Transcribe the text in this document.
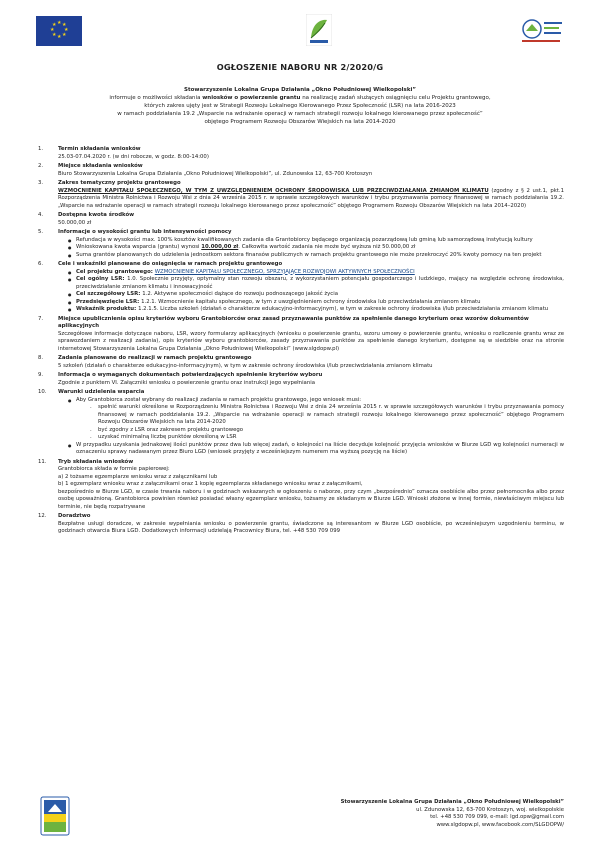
★ ★
★
★
★
★
★
★
OGŁOSZENIE NABORU NR 2/2020/G
Stowarzyszenie Lokalna Grupa Działania „Okno Południowej Wielkopolski”
informuje o możliwości składania wniosków o powierzenie grantu na realizację zadań służących osiągnięciu celu Projektu grantowego,
których zakres ujęty jest w Strategii Rozwoju Lokalnego Kierowanego Przez Społeczność (LSR) na lata 2016-2023
w ramach poddziałania 19.2 „Wsparcie na wdrażanie operacji w ramach strategii rozwoju lokalnego kierowanego przez społeczność”
objętego Programem Rozwoju Obszarów Wiejskich na lata 2014-2020
1.	Termin składania wniosków
25.03-07.04.2020 r. (w dni robocze, w godz. 8:00-14:00)
2.	Miejsce składania wniosków
Biuro Stowarzyszenia Lokalna Grupa Działania „Okno Południowej Wielkopolski”, ul. Zdunowska 12, 63-700 Krotoszyn
3.	Zakres tematyczny projektu grantowego
WZMOCNIENIE KAPITAŁU SPOŁECZNEGO, W TYM Z UWZGLĘDNIENIEM OCHRONY ŚRODOWISKA LUB PRZECIWDZIAŁANIA ZMIANOM KLIMATU (zgodny z § 2 ust.1, pkt.1 Rozporządzenia Ministra Rolnictwa i Rozwoju Wsi z dnia 24 września 2015 r. w sprawie szczegółowych warunków i trybu przyznawania pomocy finansowej w ramach poddziałania 19.2. „Wsparcie na wdrażanie operacji w ramach strategii rozwoju lokalnego kierowanego przez społeczność” objętego Programem Rozwoju Obszarów Wiejskich na lata 2014–2020)
4.	Dostępna kwota środków
50.000,00 zł
5.	Informacje o wysokości grantu lub intensywności pomocy
● Refundacja w wysokości max. 100% kosztów kwalifikowanych zadania dla Grantobiorcy będącego organizacją pozarządową lub gminą lub samorządową instytucją kultury
● Wnioskowana kwota wsparcia (grantu) wynosi 10.000,00 zł. Całkowita wartość zadania nie może być wyższa niż 50.000,00 zł
● Suma grantów planowanych do udzielenia jednostkom sektora finansów publicznych w ramach projektu grantowego nie może przekroczyć 20% kwoty pomocy na ten projekt
6.	Cele i wskaźniki planowane do osiągnięcia w ramach projektu grantowego
● Cel projektu grantowego: WZMOCNIENIE KAPITAŁU SPOŁECZNEGO, SPRZYJAJĄCE ROZWOJOWI AKTYWNYCH SPOŁECZNOŚCI
● Cel ogólny LSR: 1.0. Społecznie przyjęty, optymalny stan rozwoju obszaru, z wykorzystaniem potencjału gospodarczego i ludzkiego, mający na względzie ochronę środowiska, przeciwdziałanie zmianom klimatu i innowacyjność
● Cel szczegółowy LSR: 1.2. Aktywne społeczności dążące do rozwoju podnoszącego jakość życia
● Przedsięwzięcie LSR: 1.2.1. Wzmocnienie kapitału społecznego, w tym z uwzględnieniem ochrony środowiska lub przeciwdziałania zmianom klimatu
● Wskaźnik produktu: 1.2.1.5. Liczba szkoleń (działań o charakterze edukacyjno-informacyjnym), w tym w zakresie ochrony środowiska i/lub przeciwdziałania zmianom klimatu
7.	Miejsce upublicznienia opisu kryteriów wyboru Grantobiorców oraz zasad przyznawania punktów za spełnienie danego kryterium oraz wzorów dokumentów aplikacyjnych
Szczegółowe informacje dotyczące naboru, LSR, wzory formularzy aplikacyjnych (wniosku o powierzenie grantu, wzoru umowy o powierzenie grantu, wniosku o rozliczenie grantu wraz ze sprawozdaniem z realizacji zadania), opis kryteriów wyboru grantobiorców, zasady przyznawania punktów za spełnienie danego kryterium, dostępne są w siedzibie oraz na stronie internetowej Stowarzyszenia Lokalna Grupa Działania „Okno Południowej Wielkopolski” (www.slgdopw.pl)
8.	Zadania planowane do realizacji w ramach projektu grantowego
5 szkoleń (działań o charakterze edukacyjno-informacyjnym), w tym w zakresie ochrony środowiska i/lub przeciwdziałania zmianom klimatu
9.	Informacja o wymaganych dokumentach potwierdzających spełnienie kryteriów wyboru
Zgodnie z punktem VI. Załączniki wniosku o powierzenie grantu oraz instrukcji jego wypełniania
10. Warunki udzielenia wsparcia
● Aby Grantobiorca został wybrany do realizacji zadania w ramach projektu grantowego, jego wniosek musi:
- spełnić warunki określone w Rozporządzeniu Ministra Rolnictwa i Rozwoju Wsi z dnia 24 września 2015 r. w sprawie szczegółowych warunków i trybu przyznawania pomocy finansowej w ramach poddziałania 19.2. „Wsparcie na wdrażanie operacji w ramach strategii rozwoju lokalnego kierowanego przez społeczność” objętego Programem Rozwoju Obszarów Wiejskich na lata 2014-2020
- być zgodny z LSR oraz zakresem projektu grantowego
- uzyskać minimalną liczbę punktów określoną w LSR
● W przypadku uzyskania jednakowej ilości punktów przez dwa lub więcej zadań, o kolejności na liście decyduje kolejność przyjęcia wniosków w Biurze LGD wg kolejności numeracji w oznaczeniu sprawy nadawanym przez Biuro LGD (wniosek przyjęty z wcześniejszym numerem ma wyższą pozycję na liście)
11. Tryb składania wniosków
Grantobiorca składa w formie papierowej:
a) 2 tożsame egzemplarze wniosku wraz z załącznikami lub
b) 1 egzemplarz wniosku wraz z załącznikami oraz 1 kopię egzemplarza składanego wniosku wraz z załącznikami,
bezpośrednio w Biurze LGD, w czasie trwania naboru i w godzinach wskazanych w ogłoszeniu o naborze, przy czym „bezpośrednio” oznacza osobiście albo przez pełnomocnika albo przez osobę upoważnioną. Grantobiorca powinien również posiadać własny egzemplarz wniosku, tożsamy ze składanym w Biurze LGD. Wnioski złożone w innej formie, niewłaściwym miejscu lub terminie, nie będą rozpatrywane
12. Doradztwo
Bezpłatne usługi doradcze, w zakresie wypełniania wniosku o powierzenie grantu, świadczone są interesantom w Biurze LGD osobiście, po wcześniejszym uzgodnieniu terminu, w godzinach otwarcia Biura LGD. Dodatkowych informacji udzielają Pracownicy Biura, tel. +48 530 709 099
Stowarzyszenie Lokalna Grupa Działania „Okno Południowej Wielkopolski”
ul. Zdunowska 12, 63-700 Krotoszyn, woj. wielkopolskie
tel. +48 530 709 099, e-mail: lgd.opw@gmail.com
www.slgdopw.pl, www.facebook.com/SLGDOPW/
